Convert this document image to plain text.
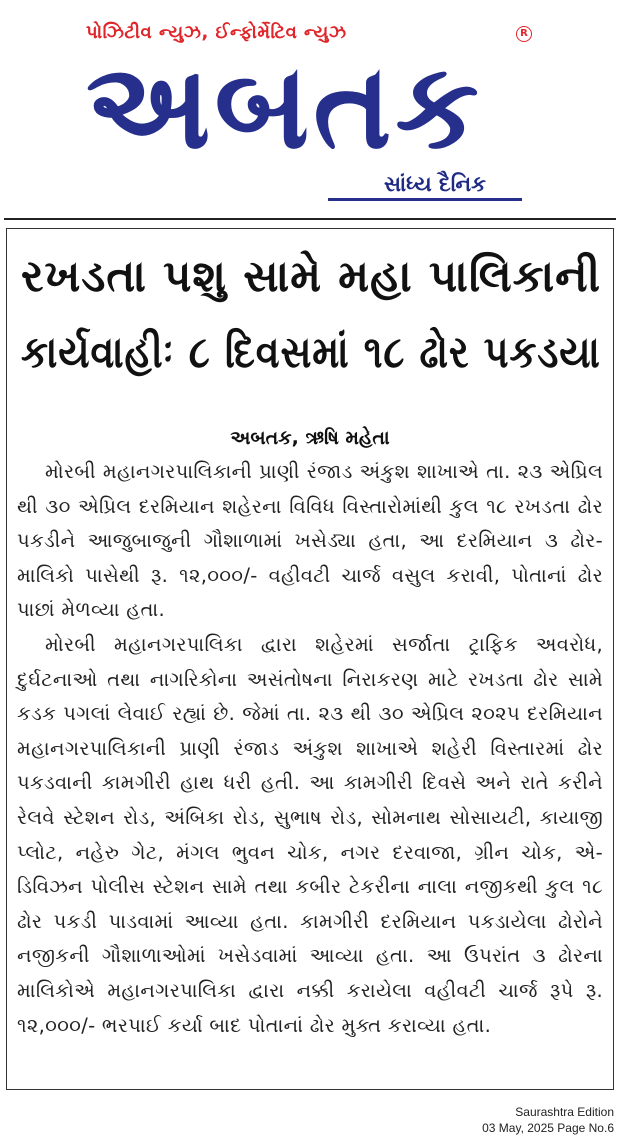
પોઝિટીવ ન્યુઝ, ઈન્ફોર્મેટિવ ન્યુઝ	R
અબતક
સાંધ્ય દૈનિક
રખડતા પશુ સામે મહા પાલિકાની
કાર્યવાહીઃ ૮ દિવસમાં ૧૮ ઢોર પકડયા
અબતક, ઋષિ મહેતા

મોરબી મહાનગરપાલિકાની પ્રાણી રંજાડ અંકુશ શાખાએ તા. ૨૩ એપ્રિલ થી ૩૦ એપ્રિલ દરમિયાન શહેરના વિવિધ વિસ્તારોમાંથી કુલ ૧૮ રખડતા ઢોર પકડીને આજુબાજુની ગૌશાળામાં ખસેડ્યા હતા, આ દરમિયાન ૩ ઢોર-માલિકો પાસેથી રૂ. ૧૨,૦૦૦/- વહીવટી ચાર્જ વસુલ કરાવી, પોતાનાં ઢોર પાછાં મેળવ્યા હતા.

મોરબી મહાનગરપાલિકા દ્વારા શહેરમાં સર્જાતા ટ્રાફિક અવરોધ, દુર્ઘટનાઓ તથા નાગરિકોના અસંતોષના નિરાકરણ માટે રખડતા ઢોર સામે કડક પગલાં લેવાઈ રહ્યાં છે. જેમાં તા. ૨૩ થી ૩૦ એપ્રિલ ૨૦૨૫ દરમિયાન મહાનગરપાલિકાની પ્રાણી રંજાડ અંકુશ શાખાએ શહેરી વિસ્તારમાં ઢોર પકડવાની કામગીરી હાથ ધરી હતી. આ કામગીરી દિવસે અને રાતે કરીને રેલવે સ્ટેશન રોડ, અંબિકા રોડ, સુભાષ રોડ, સોમનાથ સોસાયટી, કાયાજી પ્લોટ, નહેરુ ગેટ, મંગલ ભુવન ચોક, નગર દરવાજા, ગ્રીન ચોક, એ-ડિવિઝન પોલીસ સ્ટેશન સામે તથા કબીર ટેકરીના નાલા નજીકથી કુલ ૧૮ ઢોર પકડી પાડવામાં આવ્યા હતા. કામગીરી દરમિયાન પકડાયેલા ઢોરોને નજીકની ગૌશાળાઓમાં ખસેડવામાં આવ્યા હતા. આ ઉપરાંત ૩ ઢોરના માલિકોએ મહાનગરપાલિકા દ્વારા નક્કી કરાયેલા વહીવટી ચાર્જ રૂપે રૂ. ૧૨,૦૦૦/- ભરપાઈ કર્યા બાદ પોતાનાં ઢોર મુક્ત કરાવ્યા હતા.

Saurashtra Edition
03 May, 2025 Page No.6
